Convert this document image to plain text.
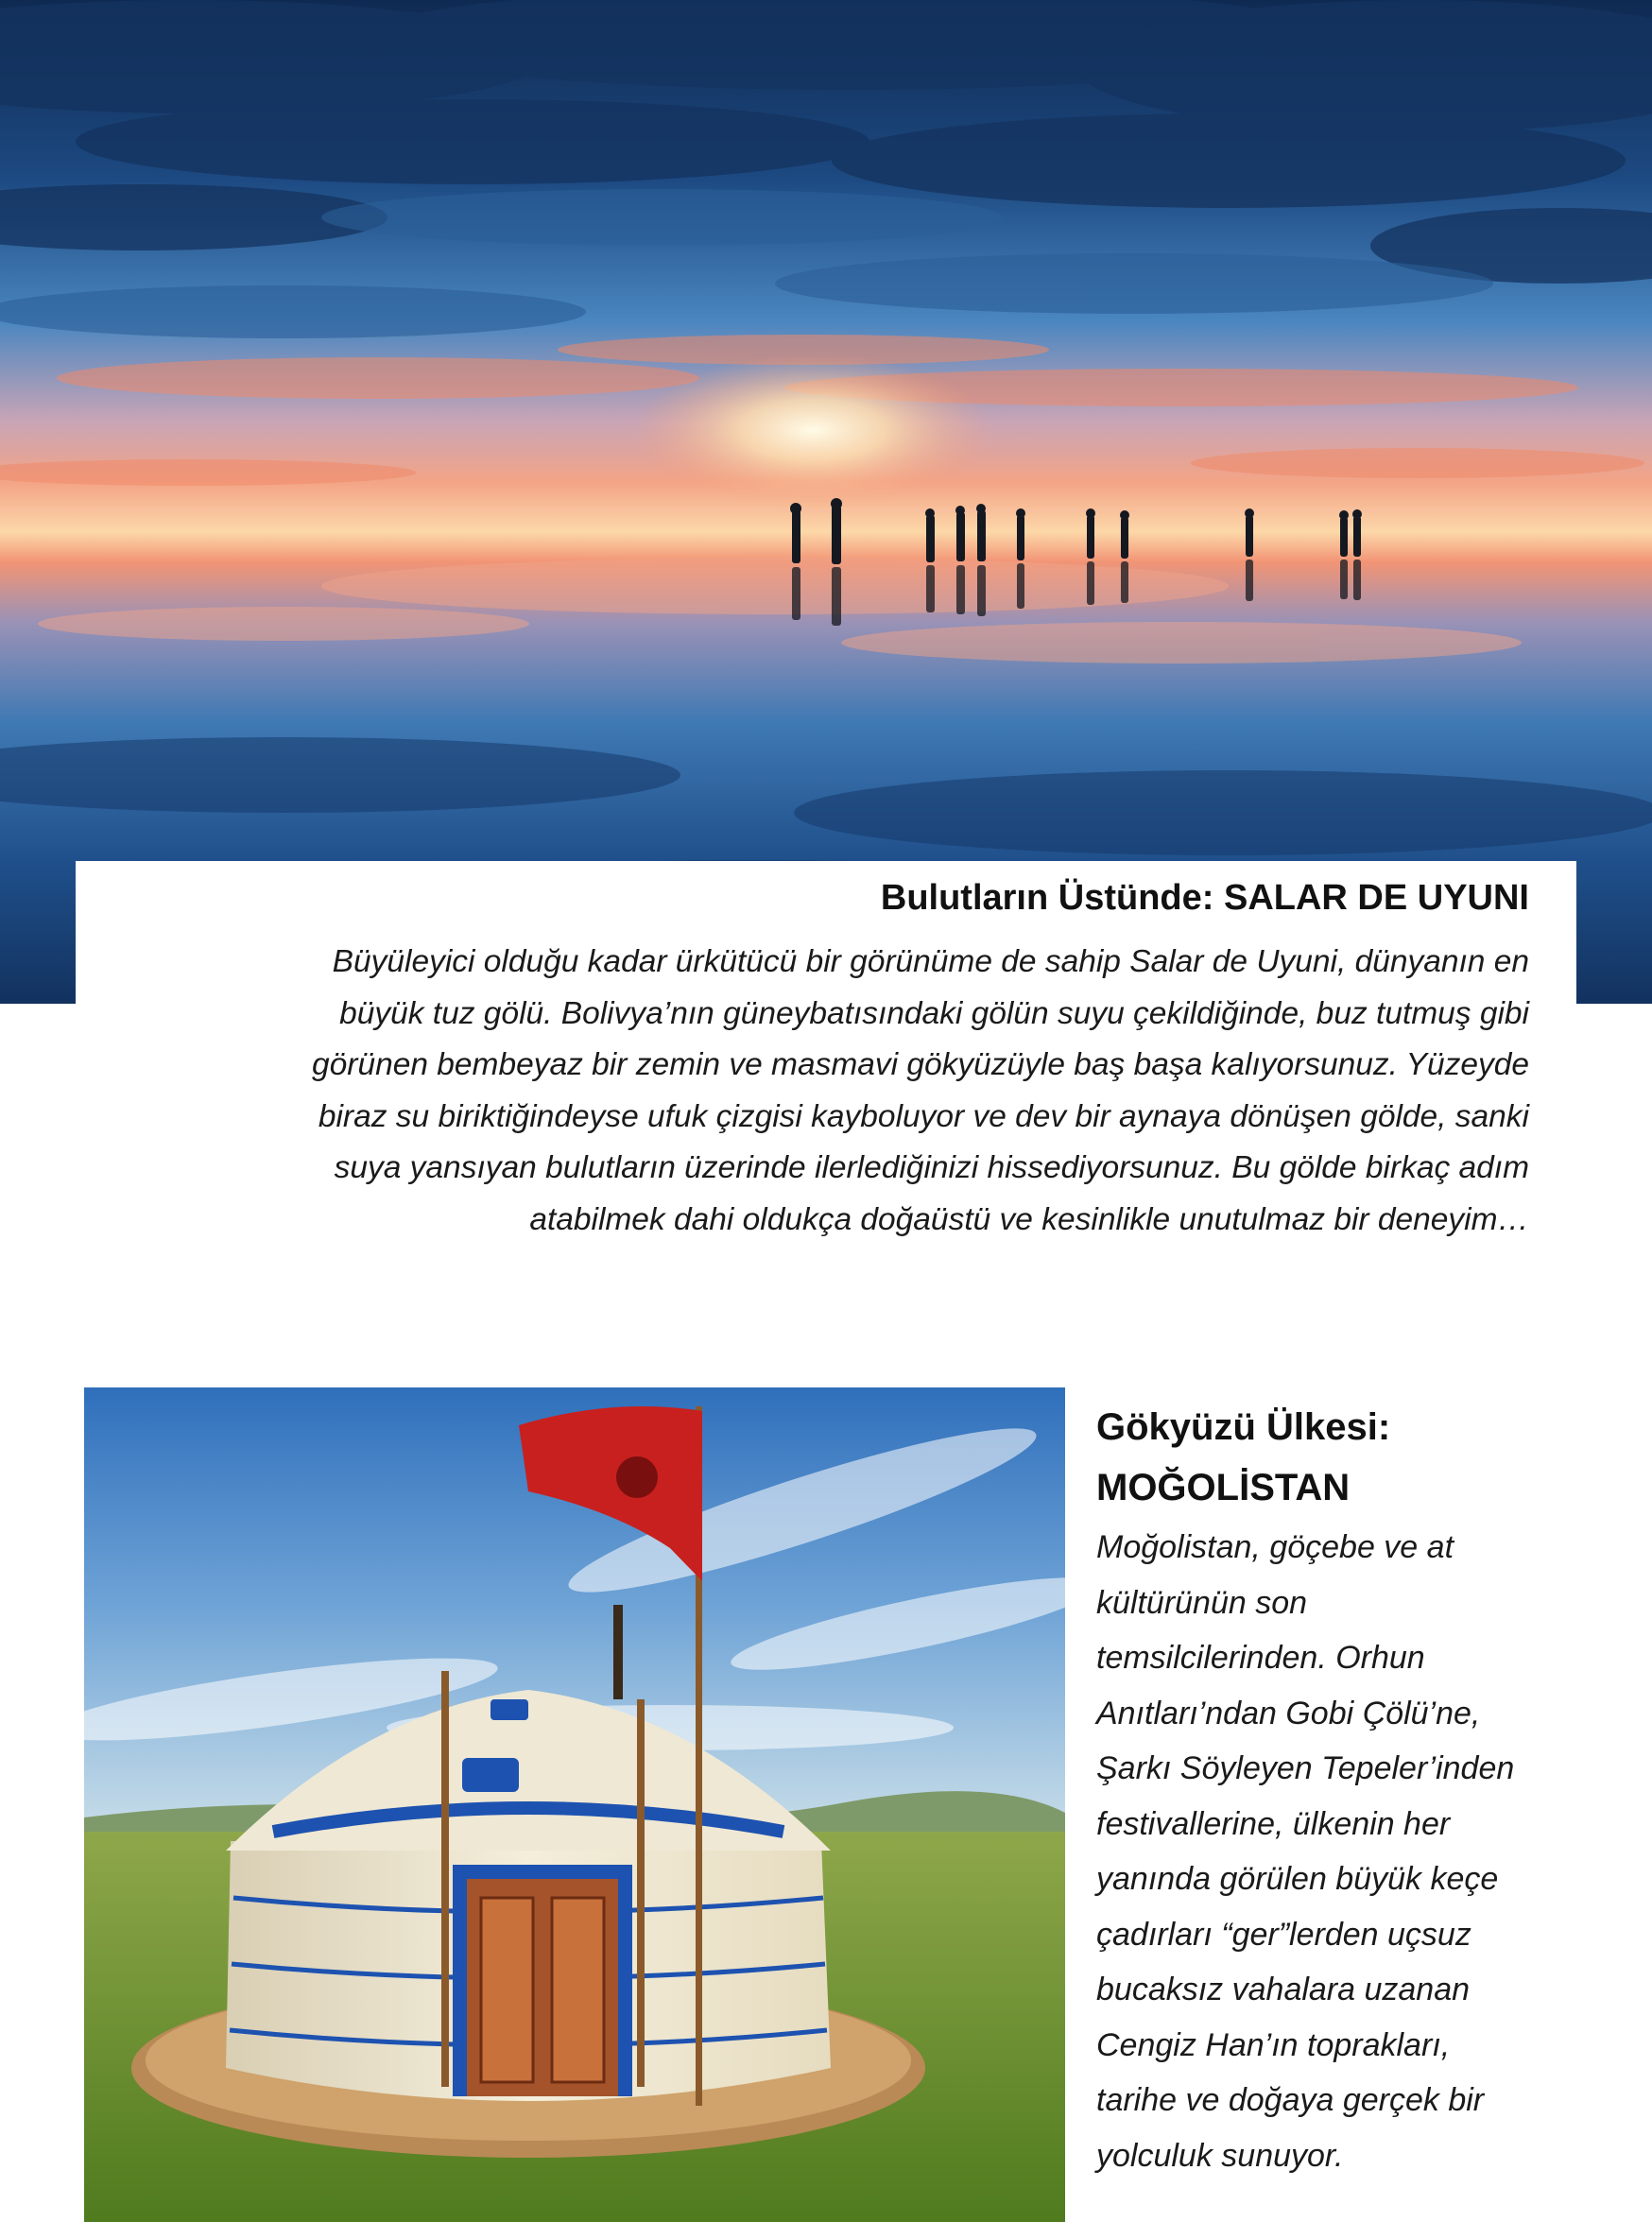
Bulutların Üstünde: SALAR DE UYUNI
Büyüleyici olduğu kadar ürkütücü bir görünüme de sahip Salar de Uyuni, dünyanın en
büyük tuz gölü. Bolivya’nın güneybatısındaki gölün suyu çekildiğinde, buz tutmuş gibi
görünen bembeyaz bir zemin ve masmavi gökyüzüyle baş başa kalıyorsunuz. Yüzeyde
biraz su biriktiğindeyse ufuk çizgisi kayboluyor ve dev bir aynaya dönüşen gölde, sanki
suya yansıyan bulutların üzerinde ilerlediğinizi hissediyorsunuz. Bu gölde birkaç adım
atabilmek dahi oldukça doğaüstü ve kesinlikle unutulmaz bir deneyim…
Gökyüzü Ülkesi:
MOĞOLİSTAN
Moğolistan, göçebe ve at
kültürünün son
temsilcilerinden. Orhun
Anıtları’ndan Gobi Çölü’ne,
Şarkı Söyleyen Tepeler’inden
festivallerine, ülkenin her
yanında görülen büyük keçe
çadırları “ger”lerden uçsuz
bucaksız vahalara uzanan
Cengiz Han’ın toprakları,
tarihe ve doğaya gerçek bir
yolculuk sunuyor.
